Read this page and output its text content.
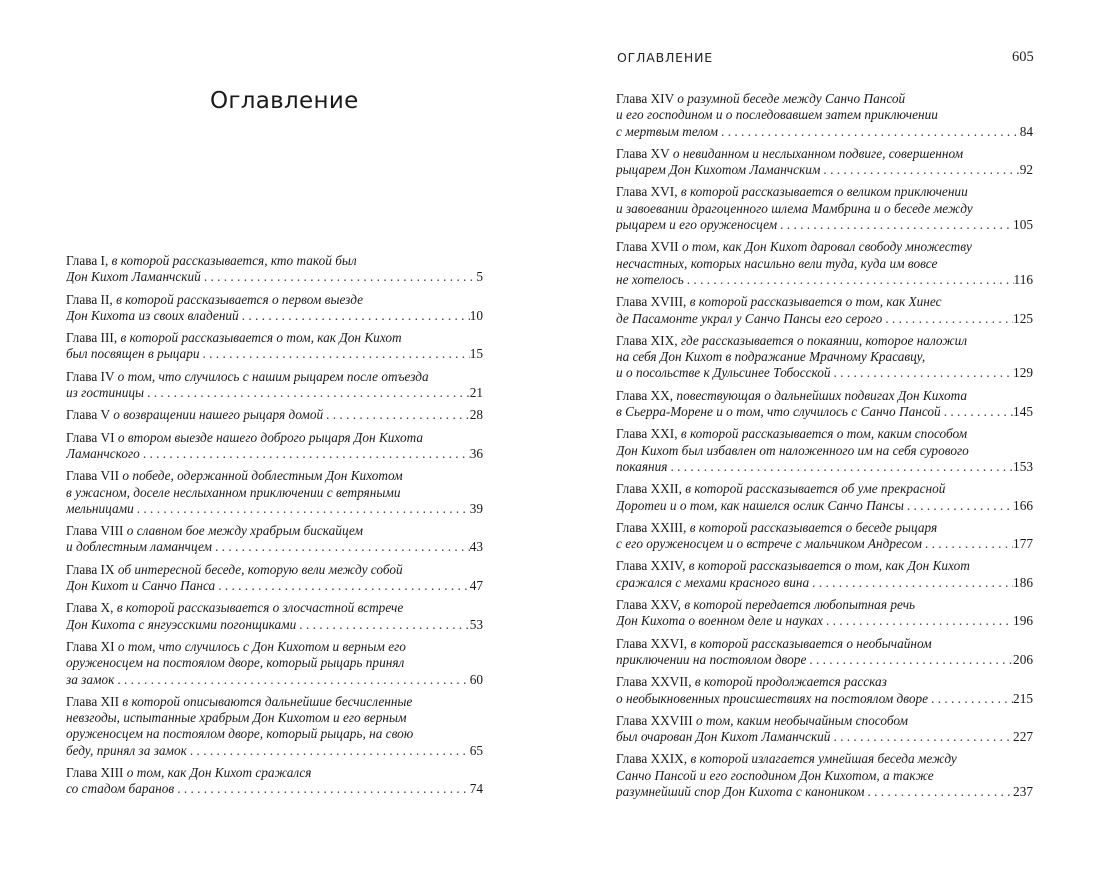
Оглавление
Глава I, в которой рассказывается, кто такой был
Дон Кихот Ламанчский . . .	5
Глава II, в которой рассказывается о первом выезде
Дон Кихота из своих владений . . .	10
Глава III, в которой рассказывается о том, как Дон Кихот
был посвящен в рыцари . . .	15
Глава IV о том, что случилось с нашим рыцарем после отъезда
из гостиницы . . .	21
Глава V о возвращении нашего рыцаря домой . . .	28
Глава VI о втором выезде нашего доброго рыцаря Дон Кихота
Ламанчского . . .	36
Глава VII о победе, одержанной доблестным Дон Кихотом
в ужасном, доселе неслыханном приключении с ветряными
мельницами . . .	39
Глава VIII о славном бое между храбрым бискайцем
и доблестным ламанчцем . . .	43
Глава IX об интересной беседе, которую вели между собой
Дон Кихот и Санчо Панса . . .	47
Глава X, в которой рассказывается о злосчастной встрече
Дон Кихота с янгуэсскими погонщиками . . .	53
Глава XI о том, что случилось с Дон Кихотом и верным его
оруженосцем на постоялом дворе, который рыцарь принял
за замок . . .	60
Глава XII в которой описываются дальнейшие бесчисленные
невзгоды, испытанные храбрым Дон Кихотом и его верным
оруженосцем на постоялом дворе, который рыцарь, на свою
беду, принял за замок . . .	65
Глава XIII о том, как Дон Кихот сражался
со стадом баранов . . .	74
ОГЛАВЛЕНИЕ	605
Глава XIV о разумной беседе между Санчо Пансой
и его господином и о последовавшем затем приключении
с мертвым телом . . .	84
Глава XV о невиданном и неслыханном подвиге, совершенном
рыцарем Дон Кихотом Ламанчским . . .	92
Глава XVI, в которой рассказывается о великом приключении
и завоевании драгоценного шлема Мамбрина и о беседе между
рыцарем и его оруженосцем . . .	105
Глава XVII о том, как Дон Кихот даровал свободу множеству
несчастных, которых насильно вели туда, куда им вовсе
не хотелось . . .	116
Глава XVIII, в которой рассказывается о том, как Хинес
де Пасамонте украл у Санчо Пансы его серого . . .	125
Глава XIX, где рассказывается о покаянии, которое наложил
на себя Дон Кихот в подражание Мрачному Красавцу,
и о посольстве к Дульсинее Тобосской . . .	129
Глава XX, повествующая о дальнейших подвигах Дон Кихота
в Сьерра-Морене и о том, что случилось с Санчо Пансой . . .	145
Глава XXI, в которой рассказывается о том, каким способом
Дон Кихот был избавлен от наложенного им на себя сурового
покаяния . . .	153
Глава XXII, в которой рассказывается об уме прекрасной
Доротеи и о том, как нашелся ослик Санчо Пансы . . .	166
Глава XXIII, в которой рассказывается о беседе рыцаря
с его оруженосцем и о встрече с мальчиком Андресом . . .	177
Глава XXIV, в которой рассказывается о том, как Дон Кихот
сражался с мехами красного вина . . .	186
Глава XXV, в которой передается любопытная речь
Дон Кихота о военном деле и науках . . .	196
Глава XXVI, в которой рассказывается о необычайном
приключении на постоялом дворе . . .	206
Глава XXVII, в которой продолжается рассказ
о необыкновенных происшествиях на постоялом дворе . . .	215
Глава XXVIII о том, каким необычайным способом
был очарован Дон Кихот Ламанчский . . .	227
Глава XXIX, в которой излагается умнейшая беседа между
Санчо Пансой и его господином Дон Кихотом, а также
разумнейший спор Дон Кихота с каноником . . .	237
